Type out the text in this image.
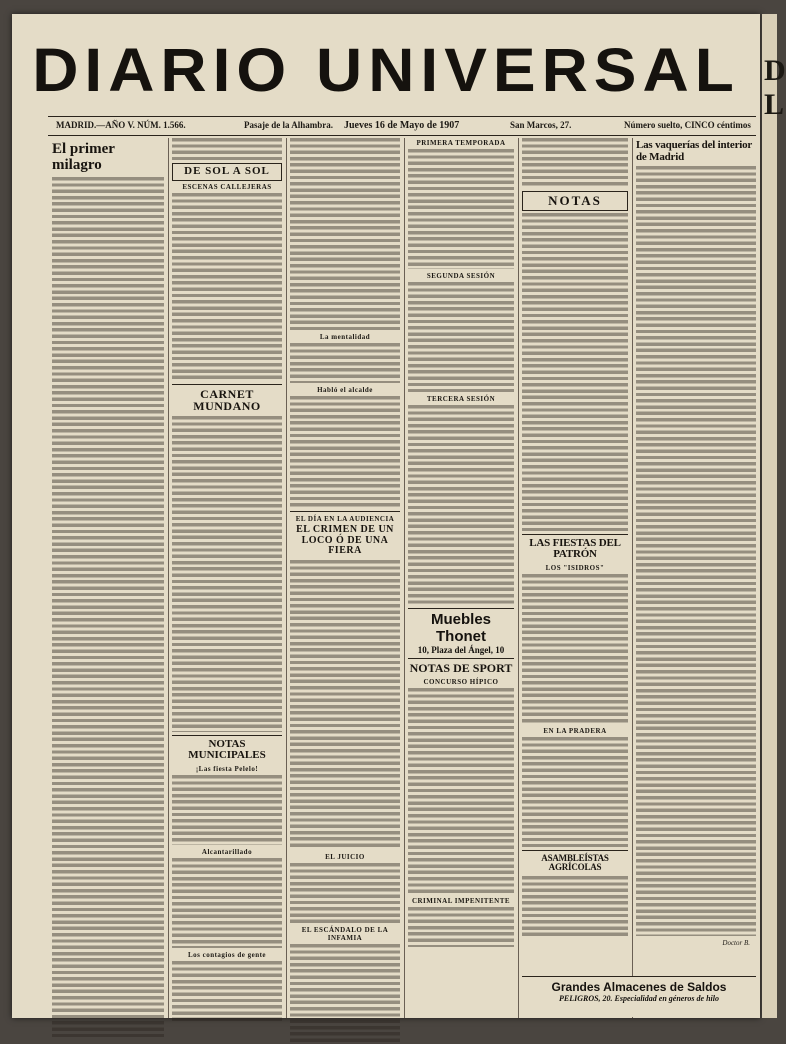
DIARIO UNIVERSAL
MADRID.—AÑO V. NÚM. 1.566.	Pasaje de la Alhambra. Jueves 16 de Mayo de 1907	San Marcos, 27.	Número suelto, CINCO céntimos
El primer milagro	DE SOL A SOL
ESCENAS CALLEJERAS
CARNET MUNDANO
NOTAS MUNICIPALES
¡Las fiesta Pelelo!
Alcantarillado
Los contagios de gente
La mentalidad
Habló el alcalde
EL DÍA EN LA AUDIENCIA
EL CRIMEN DE UN LOCO Ó DE UNA FIERA
EL JUICIO
EL ESCÁNDALO DE LA INFAMIA
PRIMERA TEMPORADA
SEGUNDA SESIÓN
TERCERA SESIÓN
Muebles Thonet
10, Plaza del Ángel, 10
NOTAS DE SPORT
CONCURSO HÍPICO
CRIMINAL IMPENITENTE
NOTAS
LAS FIESTAS DEL PATRÓN
LOS "ISIDROS"
EN LA PRADERA
ASAMBLEÍSTAS AGRÍCOLAS
Las vaquerías del interior de Madrid
Doctor B.
Grandes Almacenes de Saldos
PELIGROS, 20. Especialidad en géneros de hilo
D L
